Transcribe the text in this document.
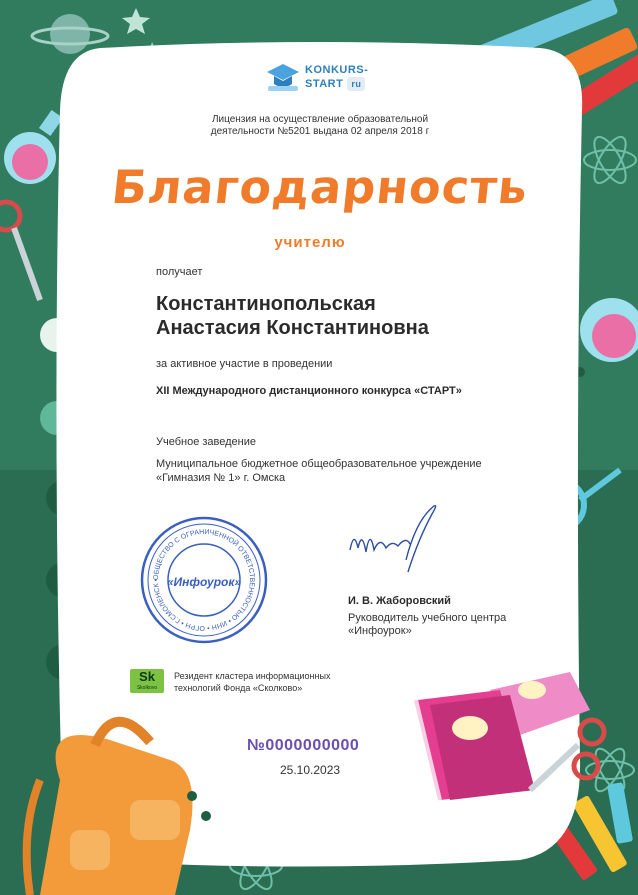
KONKURS-
START ru
Лицензия на осуществление образовательной деятельности №5201 выдана 02 апреля 2018 г
Благодарность
учителю
получает
Константинопольская
Анастасия Константиновна
за активное участие в проведении
XII Международного дистанционного конкурса «СТАРТ»
Учебное заведение
Муниципальное бюджетное общеобразовательное учреждение «Гимназия № 1» г. Омска
ОБЩЕСТВО С ОГРАНИЧЕННОЙ ОТВЕТСТВЕННОСТЬЮ • ИНН • ОГРН • Г.СМОЛЕНСК • «Инфоурок»
И. В. Жаборовский
Руководитель учебного центра «Инфоурок»
Sk
Skolkovo
Резидент кластера информационных технологий Фонда «Сколково»
№0000000000
25.10.2023
